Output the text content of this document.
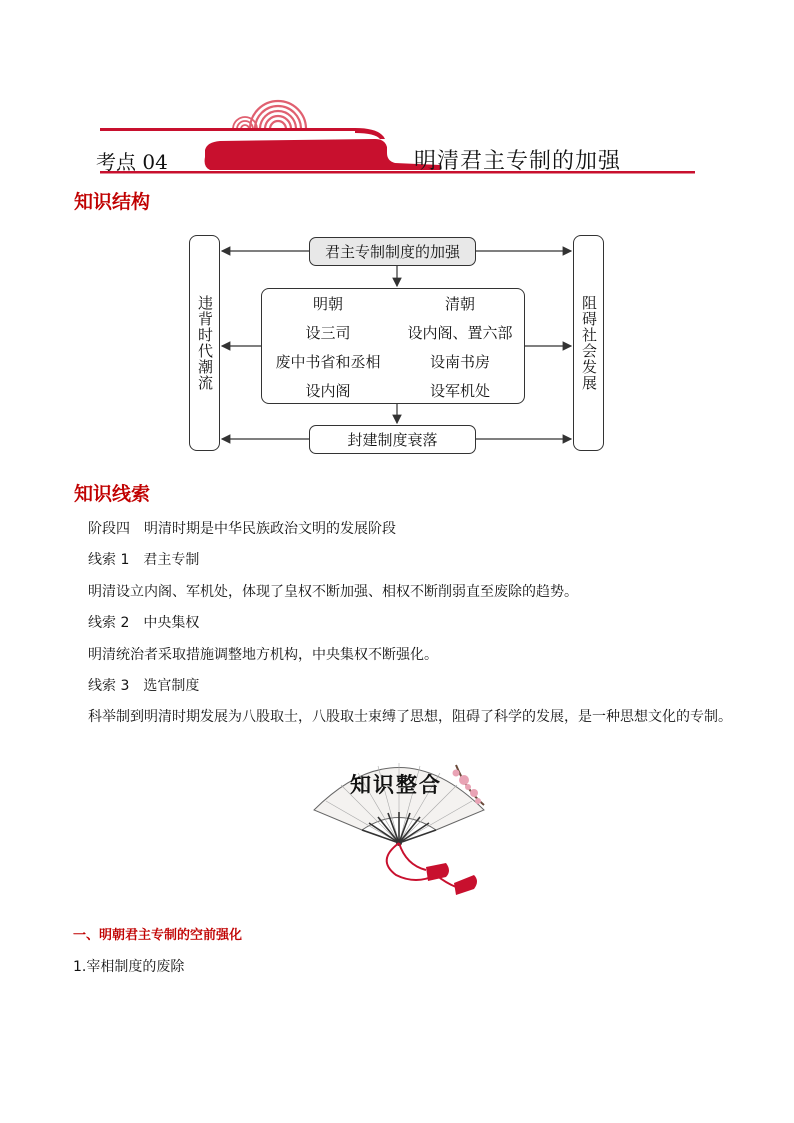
考点 04	明清君主专制的加强
知识结构
违背时代潮流	阻碍社会发展
君主专制制度的加强
封建制度衰落
明朝	清朝
设三司	设内阁、置六部
废中书省和丞相	设南书房
设内阁	设军机处
知识线索
阶段四　明清时期是中华民族政治文明的发展阶段
线索 1　君主专制
明清设立内阁、军机处，体现了皇权不断加强、相权不断削弱直至废除的趋势。
线索 2　中央集权
明清统治者采取措施调整地方机构，中央集权不断强化。
线索 3　选官制度
科举制到明清时期发展为八股取士，八股取士束缚了思想，阻碍了科学的发展，是一种思想文化的专制。
知识整合
一、明朝君主专制的空前强化
1.宰相制度的废除
